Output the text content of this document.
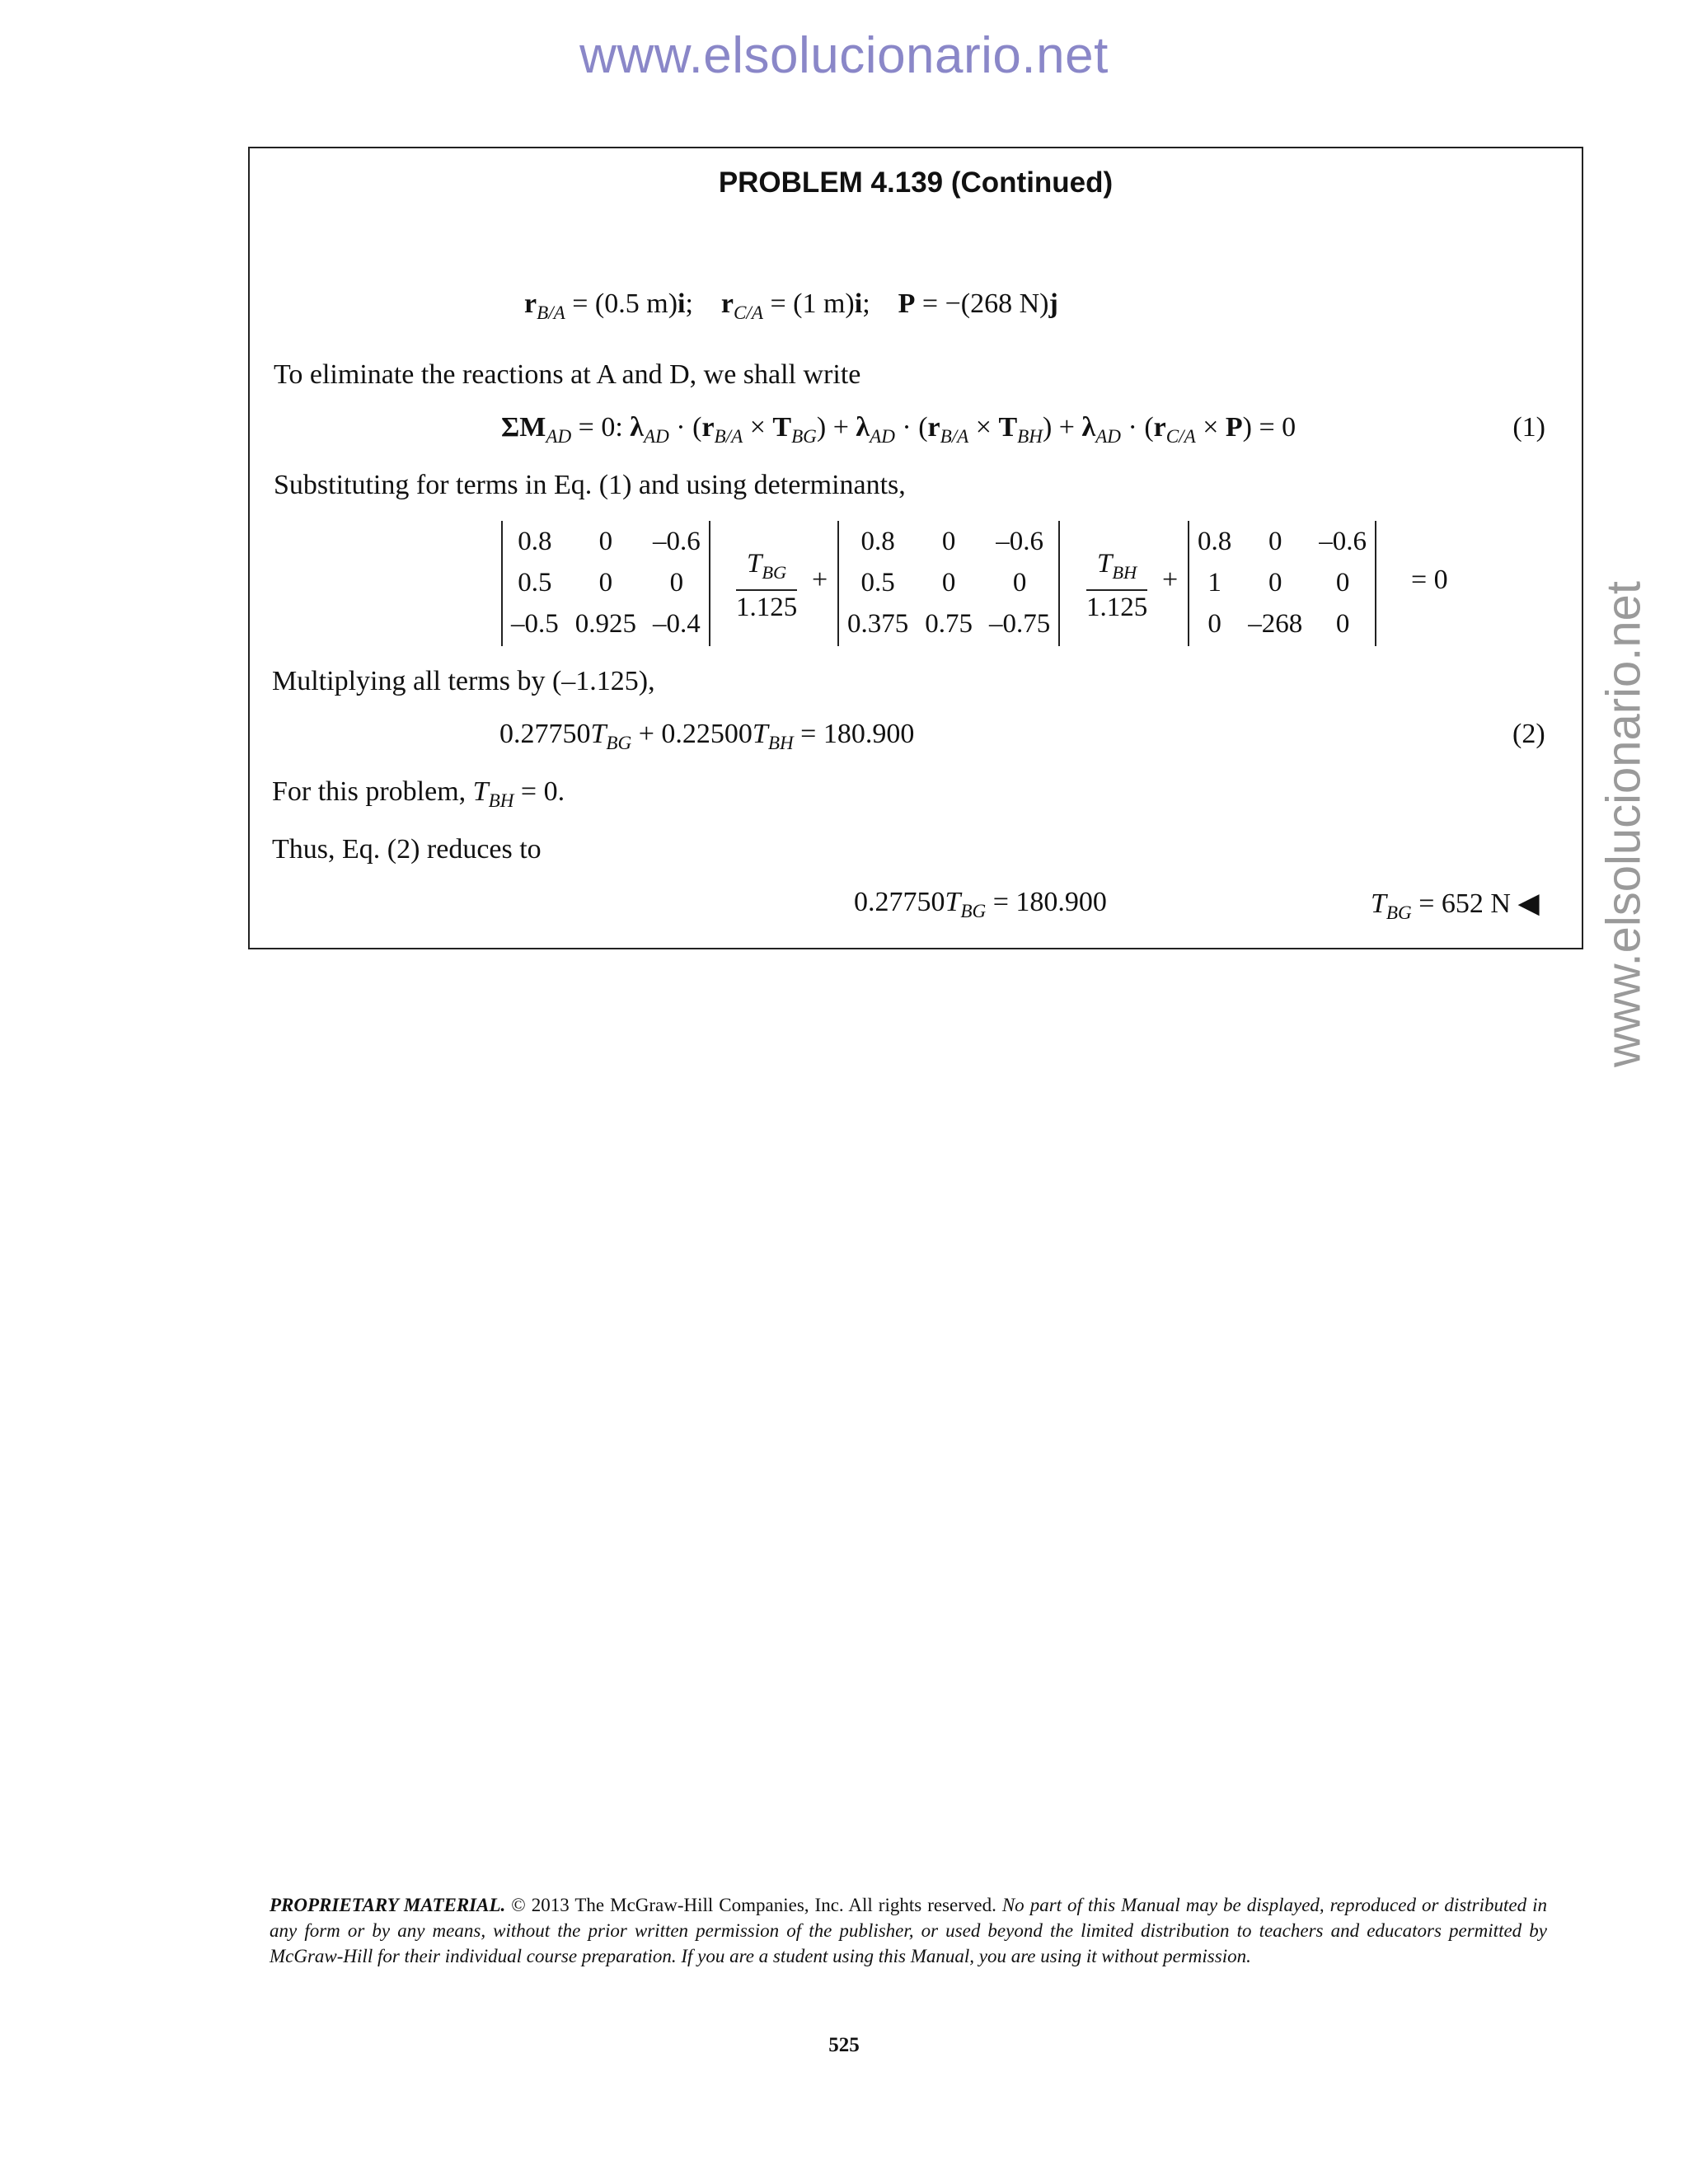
www.elsolucionario.net
www.elsolucionario.net
PROBLEM 4.139 (Continued)
$r_{B/A} = (0.5$ m)i; $r_{C/A} = (1$ m)i; P = −(268 N)j
To eliminate the reactions at A and D, we shall write
$\Sigma M_{AD} = 0$: $\lambda_{AD} \cdot (r_{B/A} \times T_{BG}) + \lambda_{AD} \cdot (r_{B/A} \times T_{BH}) + \lambda_{AD} \cdot (r_{C/A} \times P) = 0$	(1)
Substituting for terms in Eq. (1) and using determinants,
0.8	0	–0.6
0.5	0	0
–0.5	0.925	–0.4
$T_{BG}$
1.125
+
0.8	0	–0.6
0.5	0	0
0.375	0.75	–0.75
$T_{BH}$
1.125
+
0.8	0	–0.6
1	0	0
0	–268	0
= 0
Multiplying all terms by (–1.125),
$0.27750T_{BG} + 0.22500T_{BH} = 180.900$	(2)
For this problem, $T_{BH} = 0$.
Thus, Eq. (2) reduces to
$0.27750T_{BG} = 180.900$	$T_{BG} = 652$ N ◀
PROPRIETARY MATERIAL. © 2013 The McGraw-Hill Companies, Inc. All rights reserved. No part of this Manual may be displayed, reproduced or distributed in any form or by any means, without the prior written permission of the publisher, or used beyond the limited distribution to teachers and educators permitted by McGraw-Hill for their individual course preparation. If you are a student using this Manual, you are using it without permission.
525
